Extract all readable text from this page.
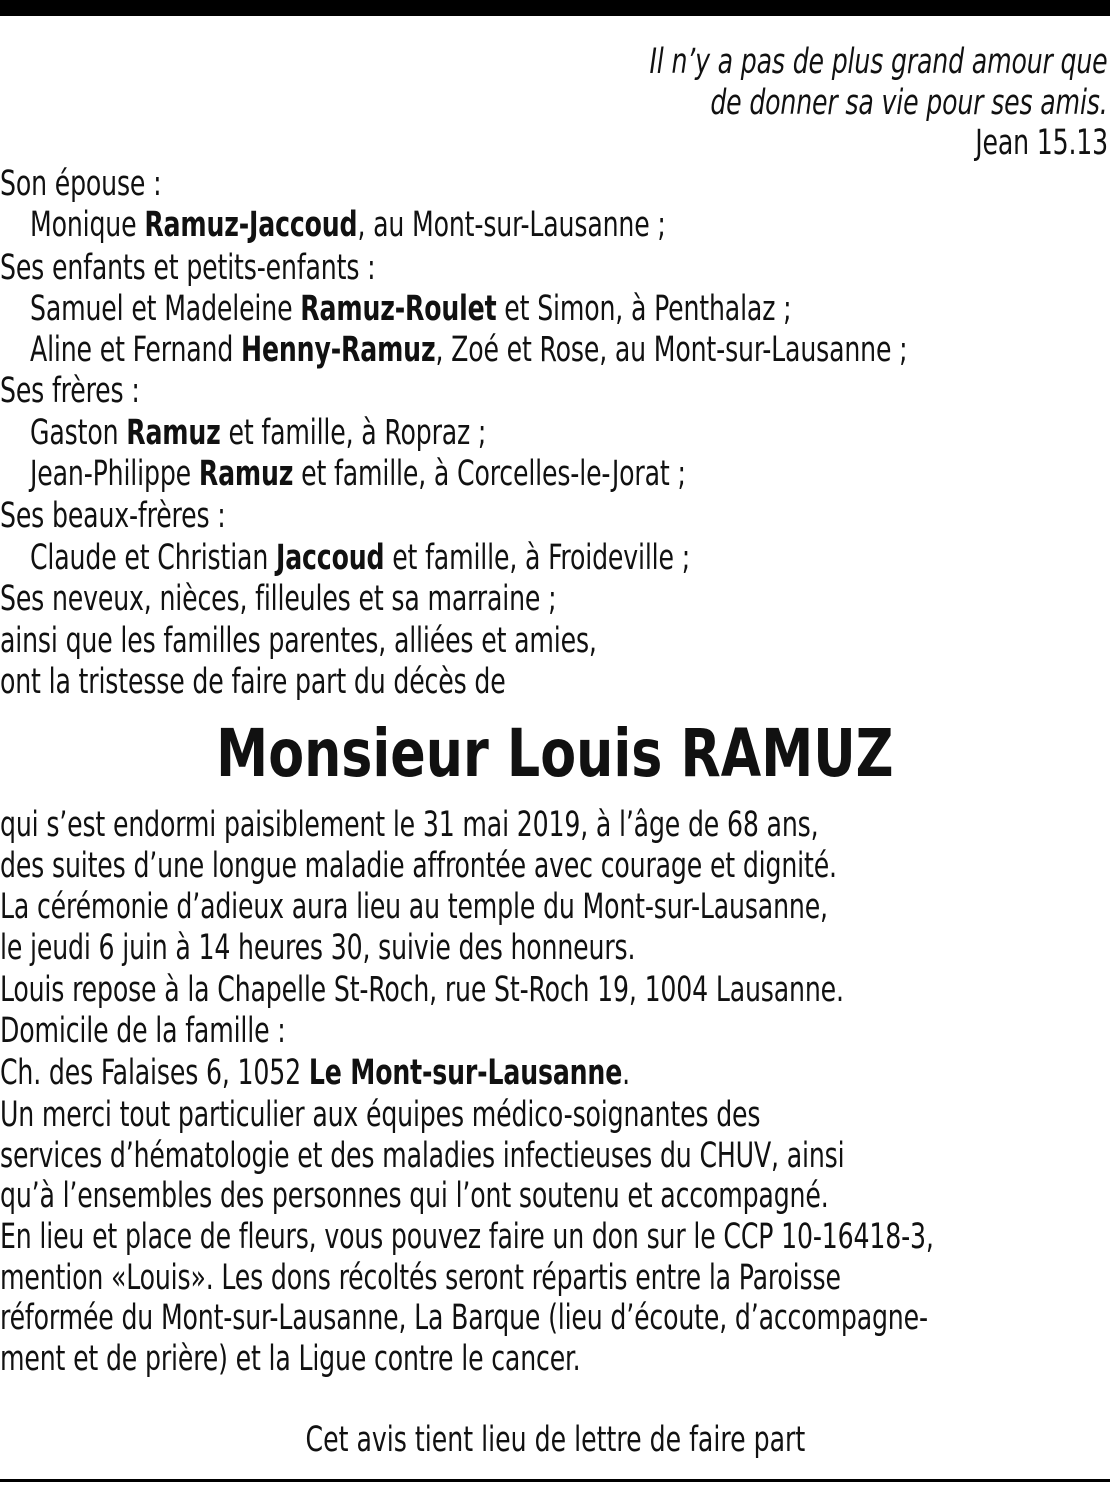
Il n’y a pas de plus grand amour que
de donner sa vie pour ses amis.
Jean 15.13
Son épouse :
Monique Ramuz-Jaccoud, au Mont-sur-Lausanne ;
Ses enfants et petits-enfants :
Samuel et Madeleine Ramuz-Roulet et Simon, à Penthalaz ;
Aline et Fernand Henny-Ramuz, Zoé et Rose, au Mont-sur-Lausanne ;
Ses frères :
Gaston Ramuz et famille, à Ropraz ;
Jean-Philippe Ramuz et famille, à Corcelles-le-Jorat ;
Ses beaux-frères :
Claude et Christian Jaccoud et famille, à Froideville ;
Ses neveux, nièces, filleules et sa marraine ;
ainsi que les familles parentes, alliées et amies,
ont la tristesse de faire part du décès de
Monsieur Louis RAMUZ
qui s’est endormi paisiblement le 31 mai 2019, à l’âge de 68 ans,
des suites d’une longue maladie affrontée avec courage et dignité.
La cérémonie d’adieux aura lieu au temple du Mont-sur-Lausanne,
le jeudi 6 juin à 14 heures 30, suivie des honneurs.
Louis repose à la Chapelle St-Roch, rue St-Roch 19, 1004 Lausanne.
Domicile de la famille :
Ch. des Falaises 6, 1052 Le Mont-sur-Lausanne.
Un merci tout particulier aux équipes médico-soignantes des
services d’hématologie et des maladies infectieuses du CHUV, ainsi
qu’à l’ensembles des personnes qui l’ont soutenu et accompagné.
En lieu et place de fleurs, vous pouvez faire un don sur le CCP 10-16418-3,
mention «Louis». Les dons récoltés seront répartis entre la Paroisse
réformée du Mont-sur-Lausanne, La Barque (lieu d’écoute, d’accompagne-
ment et de prière) et la Ligue contre le cancer.
Cet avis tient lieu de lettre de faire part
